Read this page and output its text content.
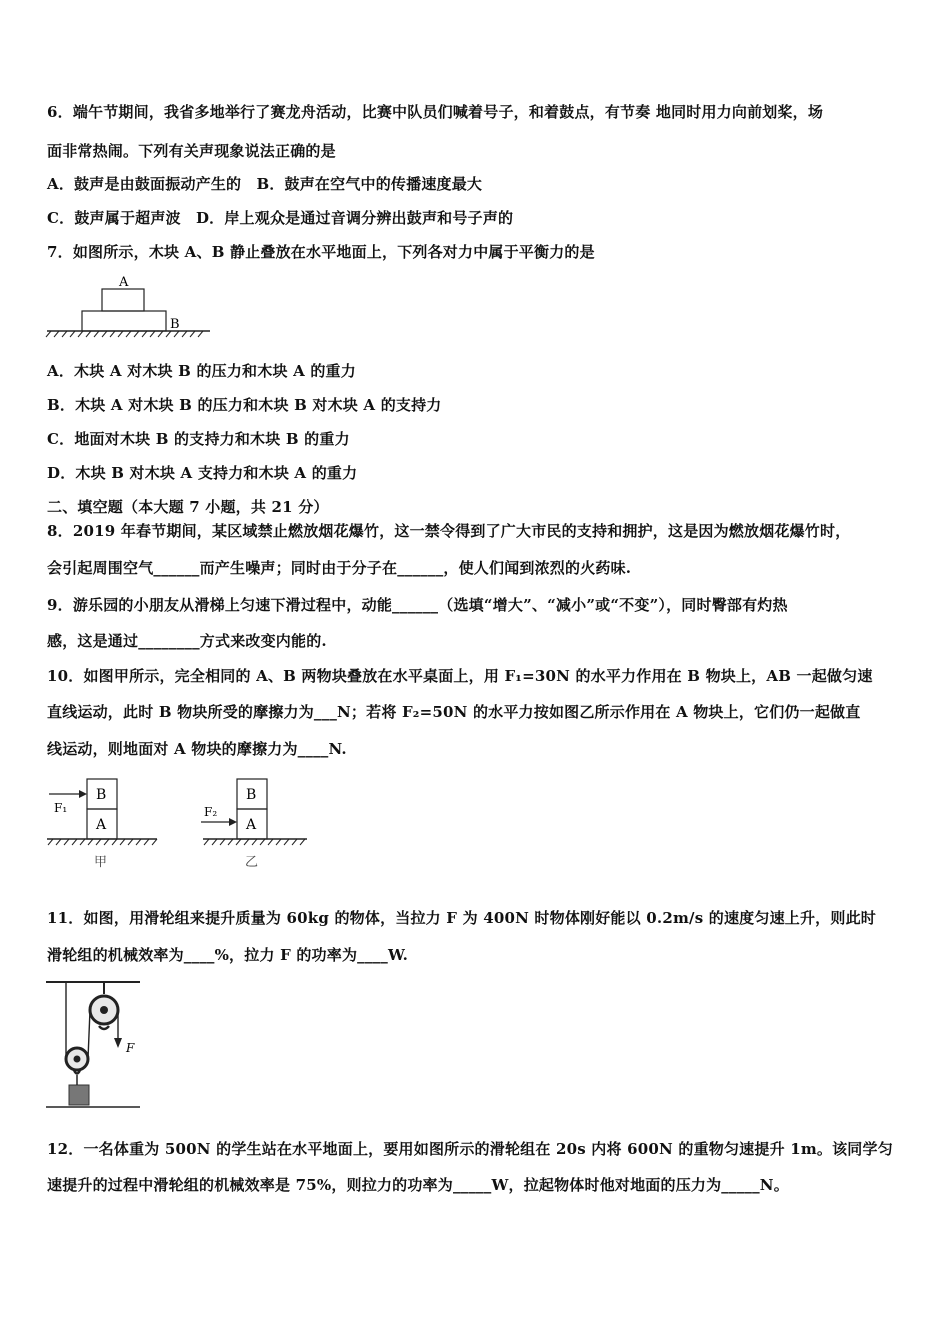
6．端午节期间，我省多地举行了赛龙舟活动，比赛中队员们喊着号子，和着鼓点，有节奏 地同时用力向前划桨，场
面非常热闹。下列有关声现象说法正确的是
A．鼓声是由鼓面振动产生的　B．鼓声在空气中的传播速度最大
C．鼓声属于超声波　D．岸上观众是通过音调分辨出鼓声和号子声的
7．如图所示，木块 A、B 静止叠放在水平地面上，下列各对力中属于平衡力的是
A
B
A．木块 A 对木块 B 的压力和木块 A 的重力
B．木块 A 对木块 B 的压力和木块 B 对木块 A 的支持力
C．地面对木块 B 的支持力和木块 B 的重力
D．木块 B 对木块 A 支持力和木块 A 的重力
二、填空题（本大题 7 小题，共 21 分）
8．2019 年春节期间，某区域禁止燃放烟花爆竹，这一禁令得到了广大市民的支持和拥护，这是因为燃放烟花爆竹时，
会引起周围空气______而产生噪声；同时由于分子在______，使人们闻到浓烈的火药味.
9．游乐园的小朋友从滑梯上匀速下滑过程中，动能______（选填“增大”、“减小”或“不变”），同时臀部有灼热
感，这是通过________方式来改变内能的.
10．如图甲所示，完全相同的 A、B 两物块叠放在水平桌面上，用 F₁=30N 的水平力作用在 B 物块上，AB 一起做匀速
直线运动，此时 B 物块所受的摩擦力为___N；若将 F₂=50N 的水平力按如图乙所示作用在 A 物块上，它们仍一起做直
线运动，则地面对 A 物块的摩擦力为____N.
B
A
F₁
甲
B
A
F₂
乙
11．如图，用滑轮组来提升质量为 60kg 的物体，当拉力 F 为 400N 时物体刚好能以 0.2m/s 的速度匀速上升，则此时
滑轮组的机械效率为____%，拉力 F 的功率为____W.
F
12．一名体重为 500N 的学生站在水平地面上，要用如图所示的滑轮组在 20s 内将 600N 的重物匀速提升 1m。该同学匀
速提升的过程中滑轮组的机械效率是 75%，则拉力的功率为_____W，拉起物体时他对地面的压力为_____N。
